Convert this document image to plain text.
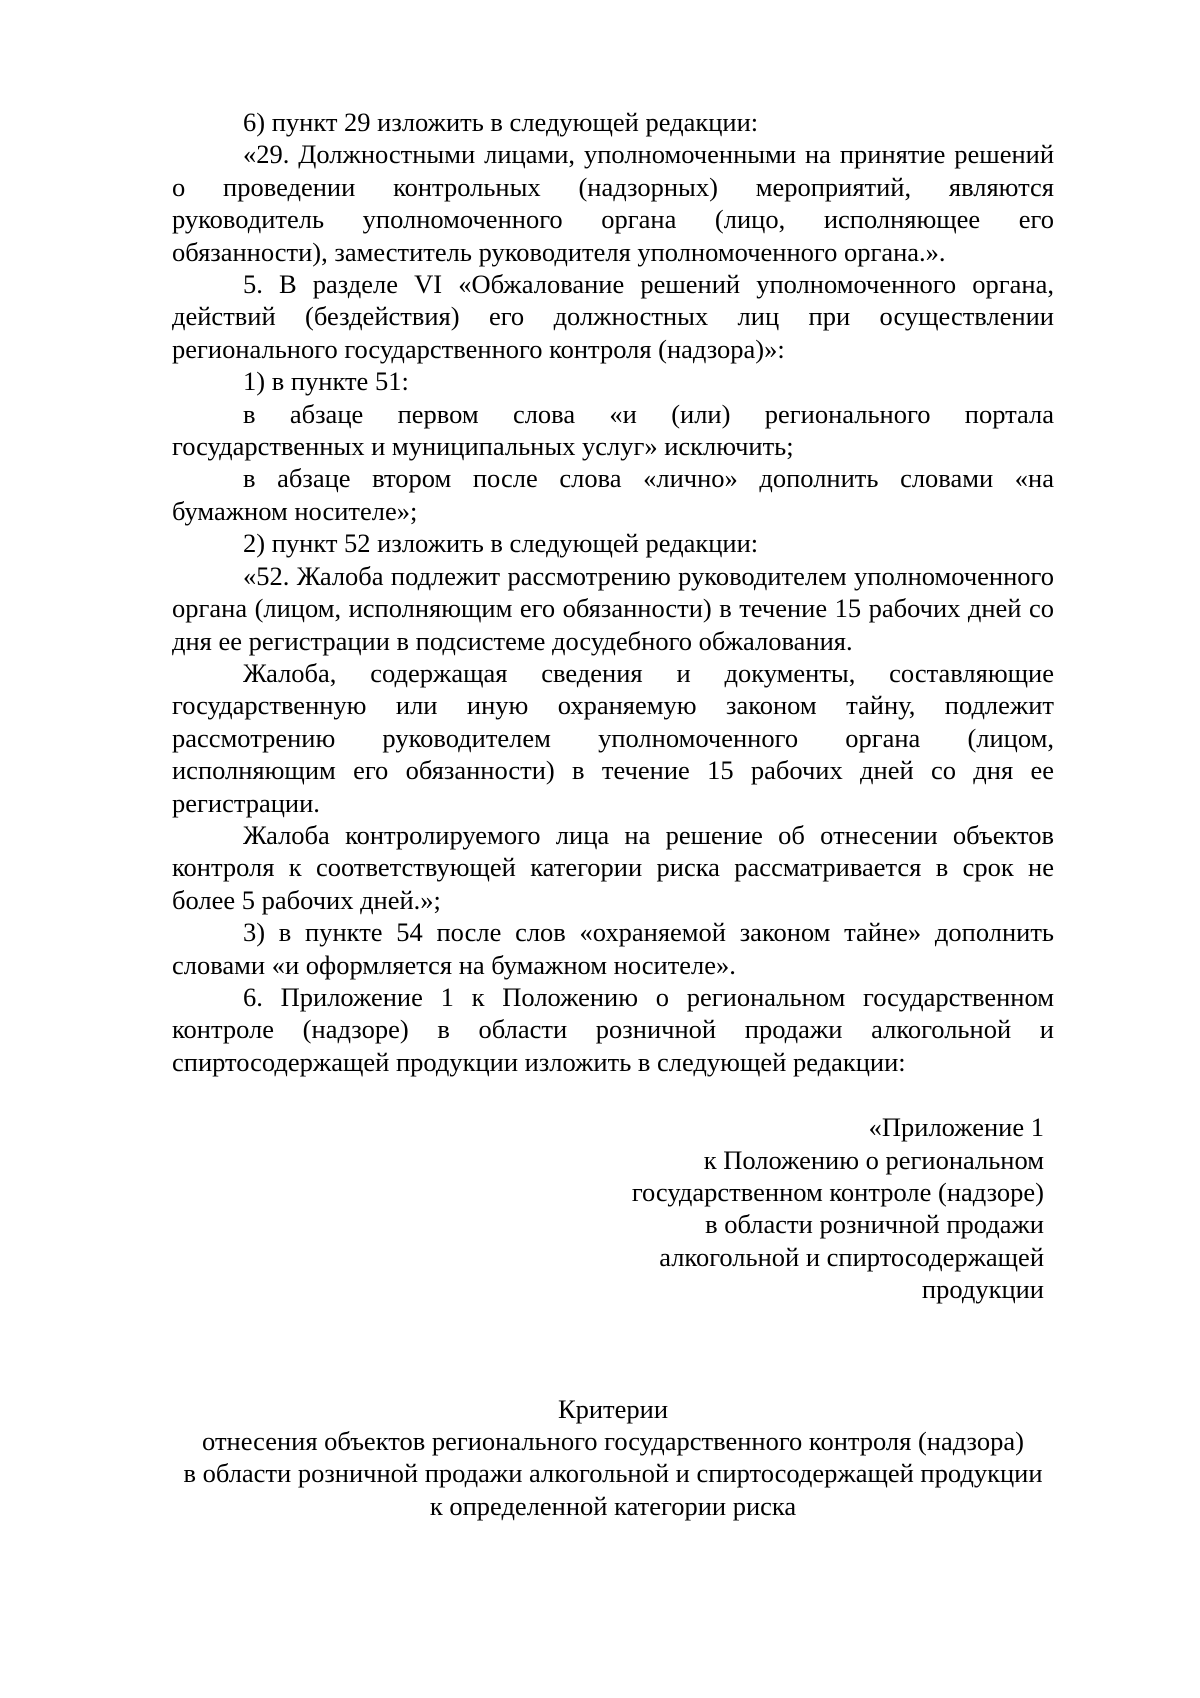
6) пункт 29 изложить в следующей редакции:

«29. Должностными лицами, уполномоченными на принятие решений о проведении контрольных (надзорных) мероприятий, являются руководитель уполномоченного органа (лицо, исполняющее его обязанности), заместитель руководителя уполномоченного органа.».

5. В разделе VI «Обжалование решений уполномоченного органа, действий (бездействия) его должностных лиц при осуществлении регионального государственного контроля (надзора)»:

1) в пункте 51:

в абзаце первом слова «и (или) регионального портала государственных и муниципальных услуг» исключить;

в абзаце втором после слова «лично» дополнить словами «на бумажном носителе»;

2) пункт 52 изложить в следующей редакции:

«52. Жалоба подлежит рассмотрению руководителем уполномоченного органа (лицом, исполняющим его обязанности) в течение 15 рабочих дней со дня ее регистрации в подсистеме досудебного обжалования.

Жалоба, содержащая сведения и документы, составляющие государственную или иную охраняемую законом тайну, подлежит рассмотрению руководителем уполномоченного органа (лицом, исполняющим его обязанности) в течение 15 рабочих дней со дня ее регистрации.

Жалоба контролируемого лица на решение об отнесении объектов контроля к соответствующей категории риска рассматривается в срок не более 5 рабочих дней.»;

3) в пункте 54 после слов «охраняемой законом тайне» дополнить словами «и оформляется на бумажном носителе».

6. Приложение 1 к Положению о региональном государственном контроле (надзоре) в области розничной продажи алкогольной и спиртосодержащей продукции изложить в следующей редакции:

«Приложение 1
к Положению о региональном
государственном контроле (надзоре)
в области розничной продажи
алкогольной и спиртосодержащей
продукции
Критерии
отнесения объектов регионального государственного контроля (надзора)
в области розничной продажи алкогольной и спиртосодержащей продукции
к определенной категории риска
